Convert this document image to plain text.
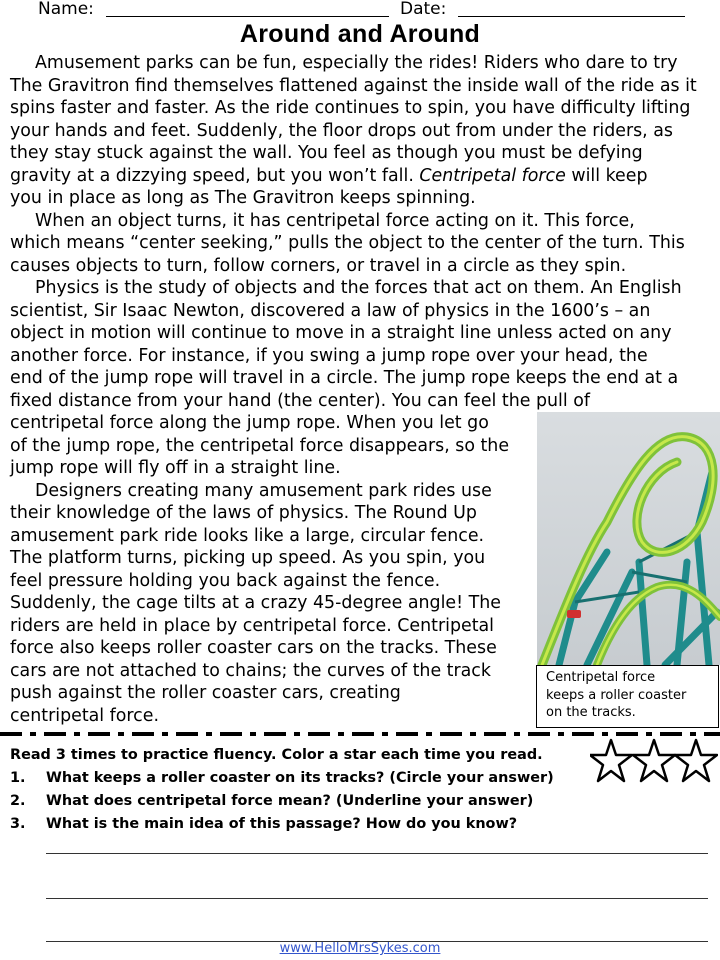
Name:	Date:
Around and Around
Amusement parks can be fun, especially the rides! Riders who dare to try
The Gravitron find themselves flattened against the inside wall of the ride as it
spins faster and faster. As the ride continues to spin, you have difficulty lifting
your hands and feet. Suddenly, the floor drops out from under the riders, as
they stay stuck against the wall. You feel as though you must be defying
gravity at a dizzying speed, but you won’t fall. Centripetal force will keep
you in place as long as The Gravitron keeps spinning.
When an object turns, it has centripetal force acting on it. This force,
which means “center seeking,” pulls the object to the center of the turn. This
causes objects to turn, follow corners, or travel in a circle as they spin.
Physics is the study of objects and the forces that act on them. An English
scientist, Sir Isaac Newton, discovered a law of physics in the 1600’s – an
object in motion will continue to move in a straight line unless acted on any
another force. For instance, if you swing a jump rope over your head, the
end of the jump rope will travel in a circle. The jump rope keeps the end at a
fixed distance from your hand (the center). You can feel the pull of
centripetal force along the jump rope. When you let go
of the jump rope, the centripetal force disappears, so the
jump rope will fly off in a straight line.
Designers creating many amusement park rides use
their knowledge of the laws of physics. The Round Up
amusement park ride looks like a large, circular fence.
The platform turns, picking up speed. As you spin, you
feel pressure holding you back against the fence.
Suddenly, the cage tilts at a crazy 45-degree angle! The
riders are held in place by centripetal force. Centripetal
force also keeps roller coaster cars on the tracks. These
cars are not attached to chains; the curves of the track
push against the roller coaster cars, creating
centripetal force.
Centripetal force
keeps a roller coaster
on the tracks.
Read 3 times to practice fluency. Color a star each time you read.
1. What keeps a roller coaster on its tracks? (Circle your answer)
2. What does centripetal force mean? (Underline your answer)
3. What is the main idea of this passage? How do you know?
www.HelloMrsSykes.com
